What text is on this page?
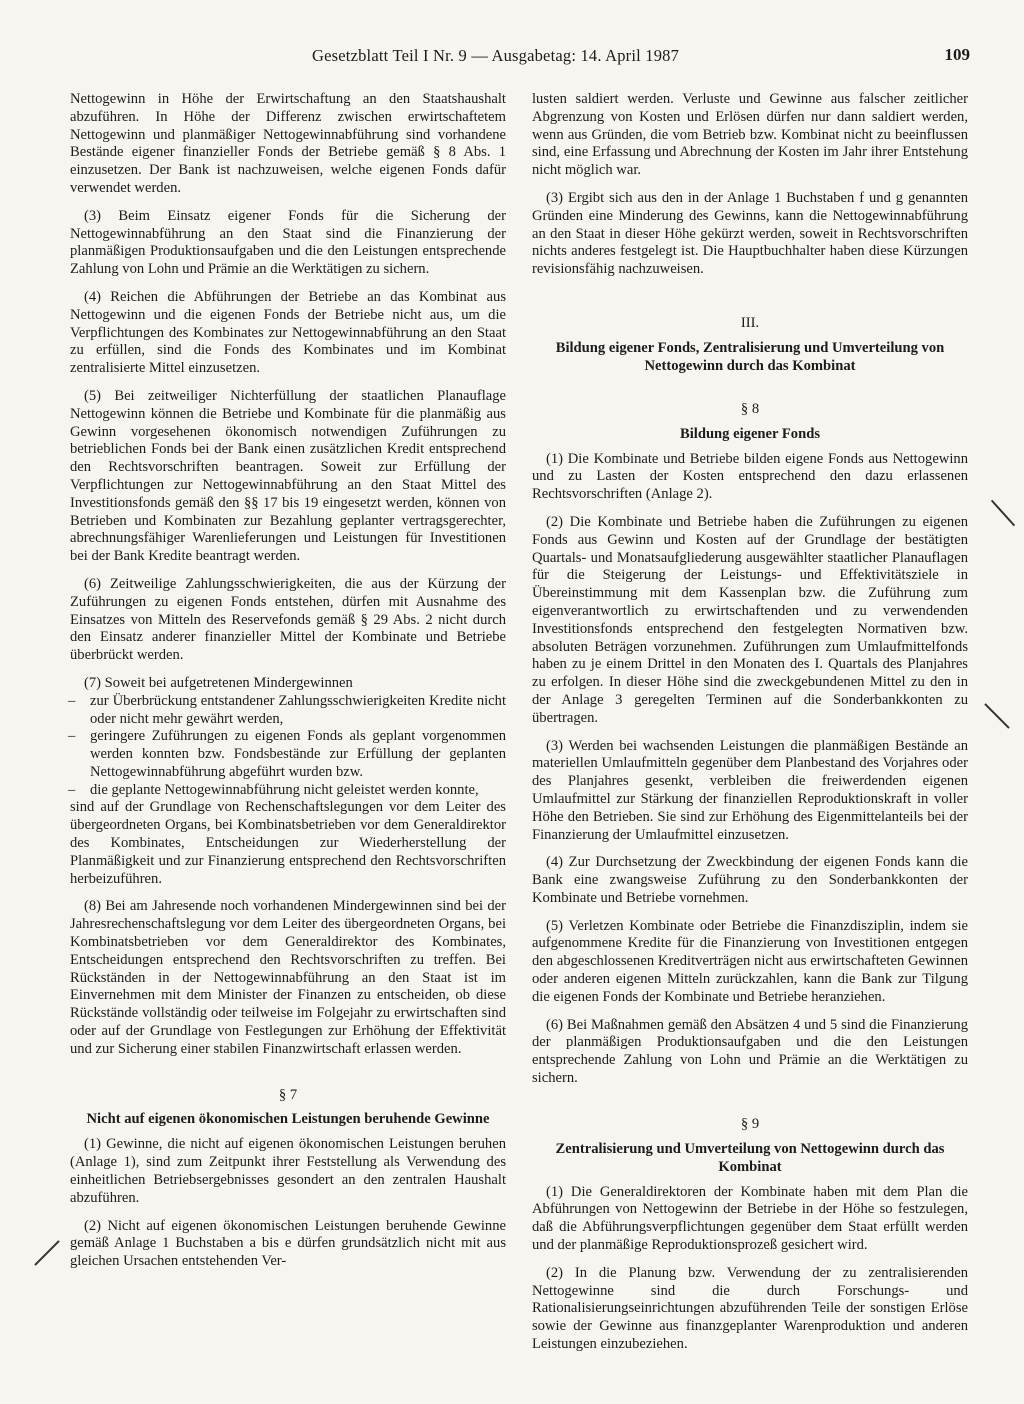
Gesetzblatt Teil I Nr. 9 — Ausgabetag: 14. April 1987	109

Nettogewinn in Höhe der Erwirtschaftung an den Staatshaushalt abzuführen. In Höhe der Differenz zwischen erwirtschaftetem Nettogewinn und planmäßiger Nettogewinnabführung sind vorhandene Bestände eigener finanzieller Fonds der Betriebe gemäß § 8 Abs. 1 einzusetzen. Der Bank ist nachzuweisen, welche eigenen Fonds dafür verwendet werden.

(3) Beim Einsatz eigener Fonds für die Sicherung der Nettogewinnabführung an den Staat sind die Finanzierung der planmäßigen Produktionsaufgaben und die den Leistungen entsprechende Zahlung von Lohn und Prämie an die Werktätigen zu sichern.

(4) Reichen die Abführungen der Betriebe an das Kombinat aus Nettogewinn und die eigenen Fonds der Betriebe nicht aus, um die Verpflichtungen des Kombinates zur Nettogewinnabführung an den Staat zu erfüllen, sind die Fonds des Kombinates und im Kombinat zentralisierte Mittel einzusetzen.

(5) Bei zeitweiliger Nichterfüllung der staatlichen Planauflage Nettogewinn können die Betriebe und Kombinate für die planmäßig aus Gewinn vorgesehenen ökonomisch notwendigen Zuführungen zu betrieblichen Fonds bei der Bank einen zusätzlichen Kredit entsprechend den Rechtsvorschriften beantragen. Soweit zur Erfüllung der Verpflichtungen zur Nettogewinnabführung an den Staat Mittel des Investitionsfonds gemäß den §§ 17 bis 19 eingesetzt werden, können von Betrieben und Kombinaten zur Bezahlung geplanter vertragsgerechter, abrechnungsfähiger Warenlieferungen und Leistungen für Investitionen bei der Bank Kredite beantragt werden.

(6) Zeitweilige Zahlungsschwierigkeiten, die aus der Kürzung der Zuführungen zu eigenen Fonds entstehen, dürfen mit Ausnahme des Einsatzes von Mitteln des Reservefonds gemäß § 29 Abs. 2 nicht durch den Einsatz anderer finanzieller Mittel der Kombinate und Betriebe überbrückt werden.

(7) Soweit bei aufgetretenen Mindergewinnen

– zur Überbrückung entstandener Zahlungsschwierigkeiten Kredite nicht oder nicht mehr gewährt werden,
– geringere Zuführungen zu eigenen Fonds als geplant vorgenommen werden konnten bzw. Fondsbestände zur Erfüllung der geplanten Nettogewinnabführung abgeführt wurden bzw.
– die geplante Nettogewinnabführung nicht geleistet werden konnte,

sind auf der Grundlage von Rechenschaftslegungen vor dem Leiter des übergeordneten Organs, bei Kombinatsbetrieben vor dem Generaldirektor des Kombinates, Entscheidungen zur Wiederherstellung der Planmäßigkeit und zur Finanzierung entsprechend den Rechtsvorschriften herbeizuführen.

(8) Bei am Jahresende noch vorhandenen Mindergewinnen sind bei der Jahresrechenschaftslegung vor dem Leiter des übergeordneten Organs, bei Kombinatsbetrieben vor dem Generaldirektor des Kombinates, Entscheidungen entsprechend den Rechtsvorschriften zu treffen. Bei Rückständen in der Nettogewinnabführung an den Staat ist im Einvernehmen mit dem Minister der Finanzen zu entscheiden, ob diese Rückstände vollständig oder teilweise im Folgejahr zu erwirtschaften sind oder auf der Grundlage von Festlegungen zur Erhöhung der Effektivität und zur Sicherung einer stabilen Finanzwirtschaft erlassen werden.

§ 7
Nicht auf eigenen ökonomischen Leistungen beruhende Gewinne

(1) Gewinne, die nicht auf eigenen ökonomischen Leistungen beruhen (Anlage 1), sind zum Zeitpunkt ihrer Feststellung als Verwendung des einheitlichen Betriebsergebnisses gesondert an den zentralen Haushalt abzuführen.

(2) Nicht auf eigenen ökonomischen Leistungen beruhende Gewinne gemäß Anlage 1 Buchstaben a bis e dürfen grundsätzlich nicht mit aus gleichen Ursachen entstehenden Ver-

lusten saldiert werden. Verluste und Gewinne aus falscher zeitlicher Abgrenzung von Kosten und Erlösen dürfen nur dann saldiert werden, wenn aus Gründen, die vom Betrieb bzw. Kombinat nicht zu beeinflussen sind, eine Erfassung und Abrechnung der Kosten im Jahr ihrer Entstehung nicht möglich war.

(3) Ergibt sich aus den in der Anlage 1 Buchstaben f und g genannten Gründen eine Minderung des Gewinns, kann die Nettogewinnabführung an den Staat in dieser Höhe gekürzt werden, soweit in Rechtsvorschriften nichts anderes festgelegt ist. Die Hauptbuchhalter haben diese Kürzungen revisionsfähig nachzuweisen.

III.
Bildung eigener Fonds, Zentralisierung und Umverteilung von Nettogewinn durch das Kombinat
§ 8
Bildung eigener Fonds

(1) Die Kombinate und Betriebe bilden eigene Fonds aus Nettogewinn und zu Lasten der Kosten entsprechend den dazu erlassenen Rechtsvorschriften (Anlage 2).

(2) Die Kombinate und Betriebe haben die Zuführungen zu eigenen Fonds aus Gewinn und Kosten auf der Grundlage der bestätigten Quartals- und Monatsaufgliederung ausgewählter staatlicher Planauflagen für die Steigerung der Leistungs- und Effektivitätsziele in Übereinstimmung mit dem Kassenplan bzw. die Zuführung zum eigenverantwortlich zu erwirtschaftenden und zu verwendenden Investitionsfonds entsprechend den festgelegten Normativen bzw. absoluten Beträgen vorzunehmen. Zuführungen zum Umlaufmittelfonds haben zu je einem Drittel in den Monaten des I. Quartals des Planjahres zu erfolgen. In dieser Höhe sind die zweckgebundenen Mittel zu den in der Anlage 3 geregelten Terminen auf die Sonderbankkonten zu übertragen.

(3) Werden bei wachsenden Leistungen die planmäßigen Bestände an materiellen Umlaufmitteln gegenüber dem Planbestand des Vorjahres oder des Planjahres gesenkt, verbleiben die freiwerdenden eigenen Umlaufmittel zur Stärkung der finanziellen Reproduktionskraft in voller Höhe den Betrieben. Sie sind zur Erhöhung des Eigenmittelanteils bei der Finanzierung der Umlaufmittel einzusetzen.

(4) Zur Durchsetzung der Zweckbindung der eigenen Fonds kann die Bank eine zwangsweise Zuführung zu den Sonderbankkonten der Kombinate und Betriebe vornehmen.

(5) Verletzen Kombinate oder Betriebe die Finanzdisziplin, indem sie aufgenommene Kredite für die Finanzierung von Investitionen entgegen den abgeschlossenen Kreditverträgen nicht aus erwirtschafteten Gewinnen oder anderen eigenen Mitteln zurückzahlen, kann die Bank zur Tilgung die eigenen Fonds der Kombinate und Betriebe heranziehen.

(6) Bei Maßnahmen gemäß den Absätzen 4 und 5 sind die Finanzierung der planmäßigen Produktionsaufgaben und die den Leistungen entsprechende Zahlung von Lohn und Prämie an die Werktätigen zu sichern.

§ 9
Zentralisierung und Umverteilung von Nettogewinn durch das Kombinat

(1) Die Generaldirektoren der Kombinate haben mit dem Plan die Abführungen von Nettogewinn der Betriebe in der Höhe so festzulegen, daß die Abführungsverpflichtungen gegenüber dem Staat erfüllt werden und der planmäßige Reproduktionsprozeß gesichert wird.

(2) In die Planung bzw. Verwendung der zu zentralisierenden Nettogewinne sind die durch Forschungs- und Rationalisierungseinrichtungen abzuführenden Teile der sonstigen Erlöse sowie der Gewinne aus finanzgeplanter Warenproduktion und anderen Leistungen einzubeziehen.
